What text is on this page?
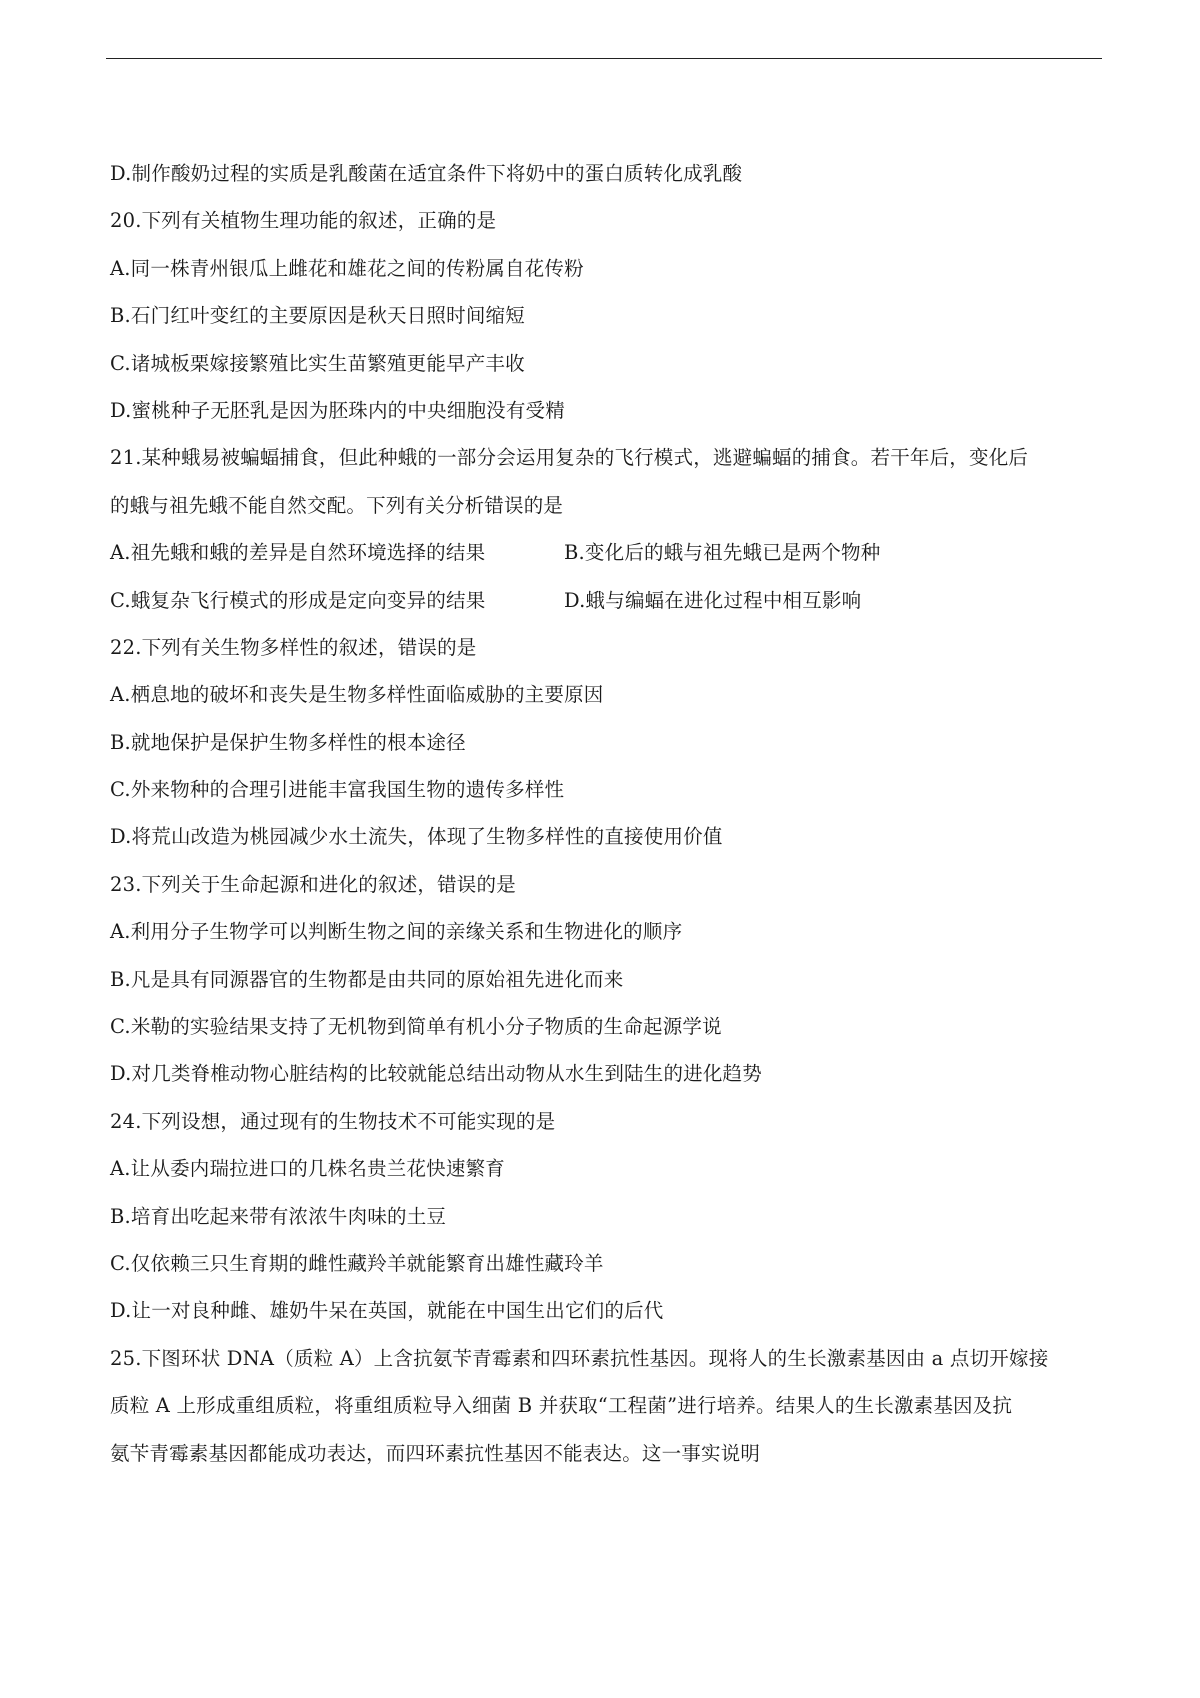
D.制作酸奶过程的实质是乳酸菌在适宜条件下将奶中的蛋白质转化成乳酸
20.下列有关植物生理功能的叙述，正确的是
A.同一株青州银瓜上雌花和雄花之间的传粉属自花传粉
B.石门红叶变红的主要原因是秋天日照时间缩短
C.诸城板栗嫁接繁殖比实生苗繁殖更能早产丰收
D.蜜桃种子无胚乳是因为胚珠内的中央细胞没有受精
21.某种蛾易被蝙蝠捕食，但此种蛾的一部分会运用复杂的飞行模式，逃避蝙蝠的捕食。若干年后，变化后
的蛾与祖先蛾不能自然交配。下列有关分析错误的是
A.祖先蛾和蛾的差异是自然环境选择的结果	B.变化后的蛾与祖先蛾已是两个物种
C.蛾复杂飞行模式的形成是定向变异的结果	D.蛾与编蝠在进化过程中相互影响
22.下列有关生物多样性的叙述，错误的是
A.栖息地的破坏和丧失是生物多样性面临威胁的主要原因
B.就地保护是保护生物多样性的根本途径
C.外来物种的合理引进能丰富我国生物的遗传多样性
D.将荒山改造为桃园减少水土流失，体现了生物多样性的直接使用价值
23.下列关于生命起源和进化的叙述，错误的是
A.利用分子生物学可以判断生物之间的亲缘关系和生物进化的顺序
B.凡是具有同源器官的生物都是由共同的原始祖先进化而来
C.米勒的实验结果支持了无机物到简单有机小分子物质的生命起源学说
D.对几类脊椎动物心脏结构的比较就能总结出动物从水生到陆生的进化趋势
24.下列设想，通过现有的生物技术不可能实现的是
A.让从委内瑞拉进口的几株名贵兰花快速繁育
B.培育出吃起来带有浓浓牛肉味的土豆
C.仅依赖三只生育期的雌性藏羚羊就能繁育出雄性藏玲羊
D.让一对良种雌、雄奶牛呆在英国，就能在中国生出它们的后代
25.下图环状 DNA（质粒 A）上含抗氨苄青霉素和四环素抗性基因。现将人的生长激素基因由 a 点切开嫁接
质粒 A 上形成重组质粒，将重组质粒导入细菌 B 并获取“工程菌”进行培养。结果人的生长激素基因及抗
氨苄青霉素基因都能成功表达，而四环素抗性基因不能表达。这一事实说明
